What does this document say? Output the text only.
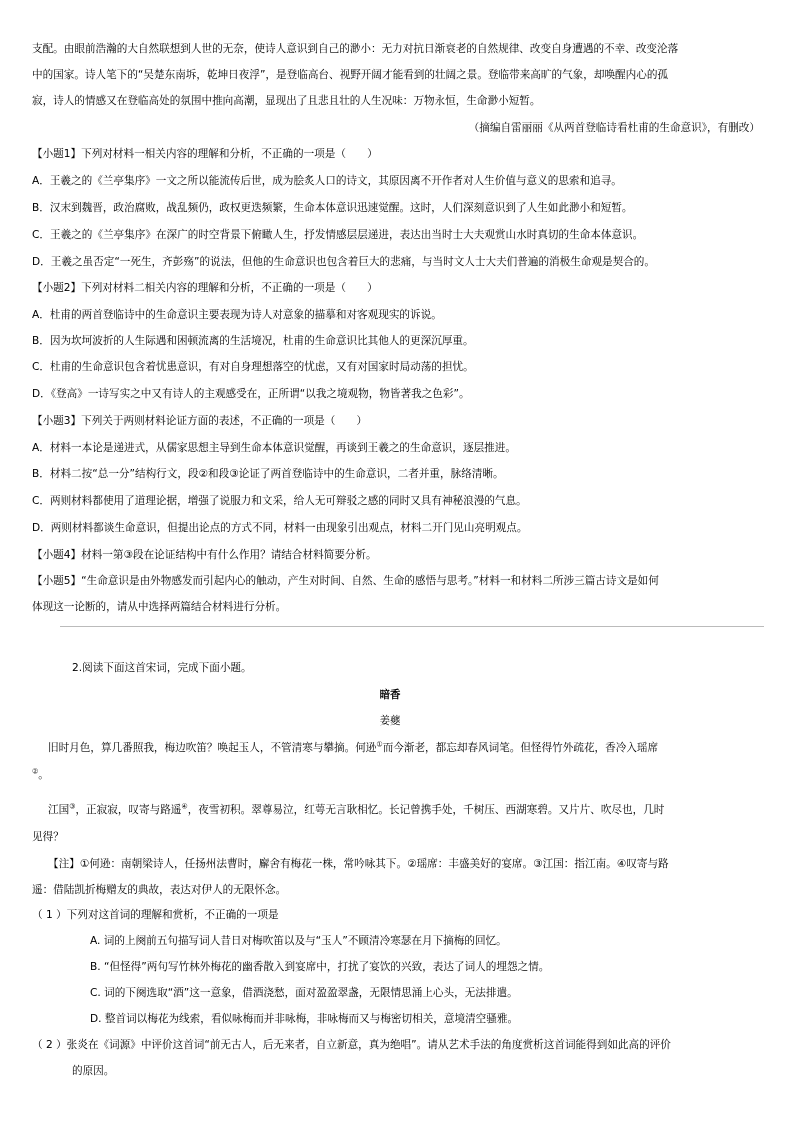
支配。由眼前浩瀚的大自然联想到人世的无奈，使诗人意识到自己的渺小：无力对抗日渐衰老的自然规律、改变自身遭遇的不幸、改变沦落
中的国家。诗人笔下的“吴楚东南坼，乾坤日夜浮”，是登临高台、视野开阔才能看到的壮阔之景。登临带来高旷的气象，却唤醒内心的孤
寂，诗人的情感又在登临高处的氛围中推向高潮，显现出了且悲且壮的人生况味：万物永恒，生命渺小短暂。
（摘编自雷丽丽《从两首登临诗看杜甫的生命意识》，有删改）
【小题1】下列对材料一相关内容的理解和分析，不正确的一项是（　　）
A．王羲之的《兰亭集序》一文之所以能流传后世，成为脍炙人口的诗文，其原因离不开作者对人生价值与意义的思索和追寻。
B．汉末到魏晋，政治腐败，战乱频仍，政权更迭频繁，生命本体意识迅速觉醒。这时，人们深刻意识到了人生如此渺小和短暂。
C．王羲之的《兰亭集序》在深广的时空背景下俯瞰人生，抒发情感层层递进，表达出当时士大夫观赏山水时真切的生命本体意识。
D．王羲之虽否定“一死生，齐彭殇”的说法，但他的生命意识也包含着巨大的悲痛，与当时文人士大夫们普遍的消极生命观是契合的。
【小题2】下列对材料二相关内容的理解和分析，不正确的一项是（　　）
A．杜甫的两首登临诗中的生命意识主要表现为诗人对意象的描摹和对客观现实的诉说。
B．因为坎坷波折的人生际遇和困顿流离的生活境况，杜甫的生命意识比其他人的更深沉厚重。
C．杜甫的生命意识包含着忧患意识，有对自身理想落空的忧虑，又有对国家时局动荡的担忧。
D．《登高》一诗写实之中又有诗人的主观感受在，正所谓“以我之境观物，物皆著我之色彩”。
【小题3】下列关于两则材料论证方面的表述，不正确的一项是（　　）
A．材料一本论是递进式，从儒家思想主导到生命本体意识觉醒，再谈到王羲之的生命意识，逐层推进。
B．材料二按“总一分”结构行文，段②和段③论证了两首登临诗中的生命意识，二者并重，脉络清晰。
C．两则材料都使用了道理论据，增强了说服力和文采，给人无可辩驳之感的同时又具有神秘浪漫的气息。
D．两则材料都谈生命意识，但提出论点的方式不同，材料一由现象引出观点，材料二开门见山亮明观点。
【小题4】材料一第③段在论证结构中有什么作用？请结合材料简要分析。
【小题5】“生命意识是由外物感发而引起内心的触动，产生对时间、自然、生命的感悟与思考。”材料一和材料二所涉三篇古诗文是如何
体现这一论断的，请从中选择两篇结合材料进行分析。
2.阅读下面这首宋词，完成下面小题。
暗香
姜夔
旧时月色，算几番照我，梅边吹笛？唤起玉人，不管清寒与攀摘。何逊①而今渐老，都忘却春风词笔。但怪得竹外疏花，香冷入瑶席
②。
江国③，正寂寂，叹寄与路遥④，夜雪初积。翠尊易泣，红萼无言耿相忆。长记曾携手处，千树压、西湖寒碧。又片片、吹尽也，几时
见得？
【注】①何逊：南朝梁诗人，任扬州法曹时，廨舍有梅花一株，常吟咏其下。②瑶席：丰盛美好的宴席。③江国：指江南。④叹寄与路
遥：借陆凯折梅赠友的典故，表达对伊人的无限怀念。
（ 1 ）下列对这首词的理解和赏析，不正确的一项是
A. 词的上阕前五句描写词人昔日对梅吹笛以及与“玉人”不顾清冷寒瑟在月下摘梅的回忆。
B. “但怪得”两句写竹林外梅花的幽香散入到宴席中，打扰了宴饮的兴致，表达了词人的埋怨之情。
C. 词的下阕选取“酒”这一意象，借酒浇愁，面对盈盈翠盏，无限情思涌上心头，无法排遣。
D. 整首词以梅花为线索，看似咏梅而并非咏梅，非咏梅而又与梅密切相关，意境清空骚雅。
（ 2 ）张炎在《词源》中评价这首词“前无古人，后无来者，自立新意，真为绝唱”。请从艺术手法的角度赏析这首词能得到如此高的评价
的原因。
